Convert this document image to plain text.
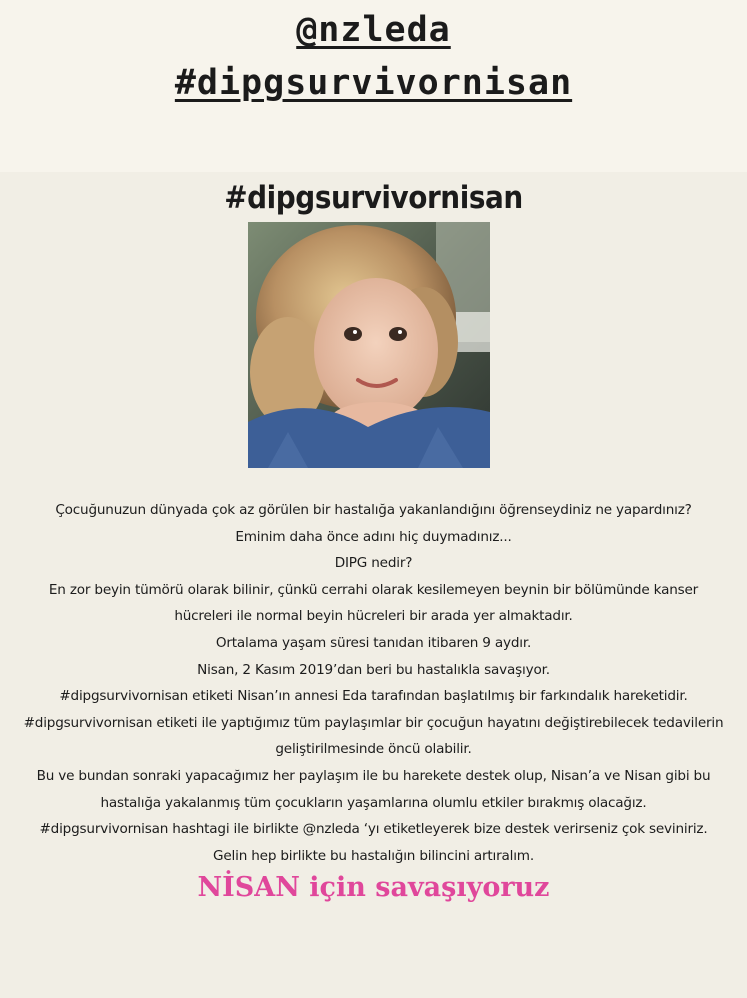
@nzleda
#dipgsurvivornisan
#dipgsurvivornisan
Çocuğunuzun dünyada çok az görülen bir hastalığa yakanlandığını öğrenseydiniz ne yapardınız?
Eminim daha önce adını hiç duymadınız...
DIPG nedir?
En zor beyin tümörü olarak bilinir, çünkü cerrahi olarak kesilemeyen beynin bir bölümünde kanser
hücreleri ile normal beyin hücreleri bir arada yer almaktadır.
Ortalama yaşam süresi tanıdan itibaren 9 aydır.
Nisan, 2 Kasım 2019’dan beri bu hastalıkla savaşıyor.
#dipgsurvivornisan etiketi Nisan’ın annesi Eda tarafından başlatılmış bir farkındalık hareketidir.
#dipgsurvivornisan etiketi ile yaptığımız tüm paylaşımlar bir çocuğun hayatını değiştirebilecek tedavilerin
geliştirilmesinde öncü olabilir.
Bu ve bundan sonraki yapacağımız her paylaşım ile bu harekete destek olup, Nisan’a ve Nisan gibi bu
hastalığa yakalanmış tüm çocukların yaşamlarına olumlu etkiler bırakmış olacağız.
#dipgsurvivornisan hashtagi ile birlikte @nzleda ‘yı etiketleyerek bize destek verirseniz çok seviniriz.
Gelin hep birlikte bu hastalığın bilincini artıralım.
NİSAN için savaşıyoruz
